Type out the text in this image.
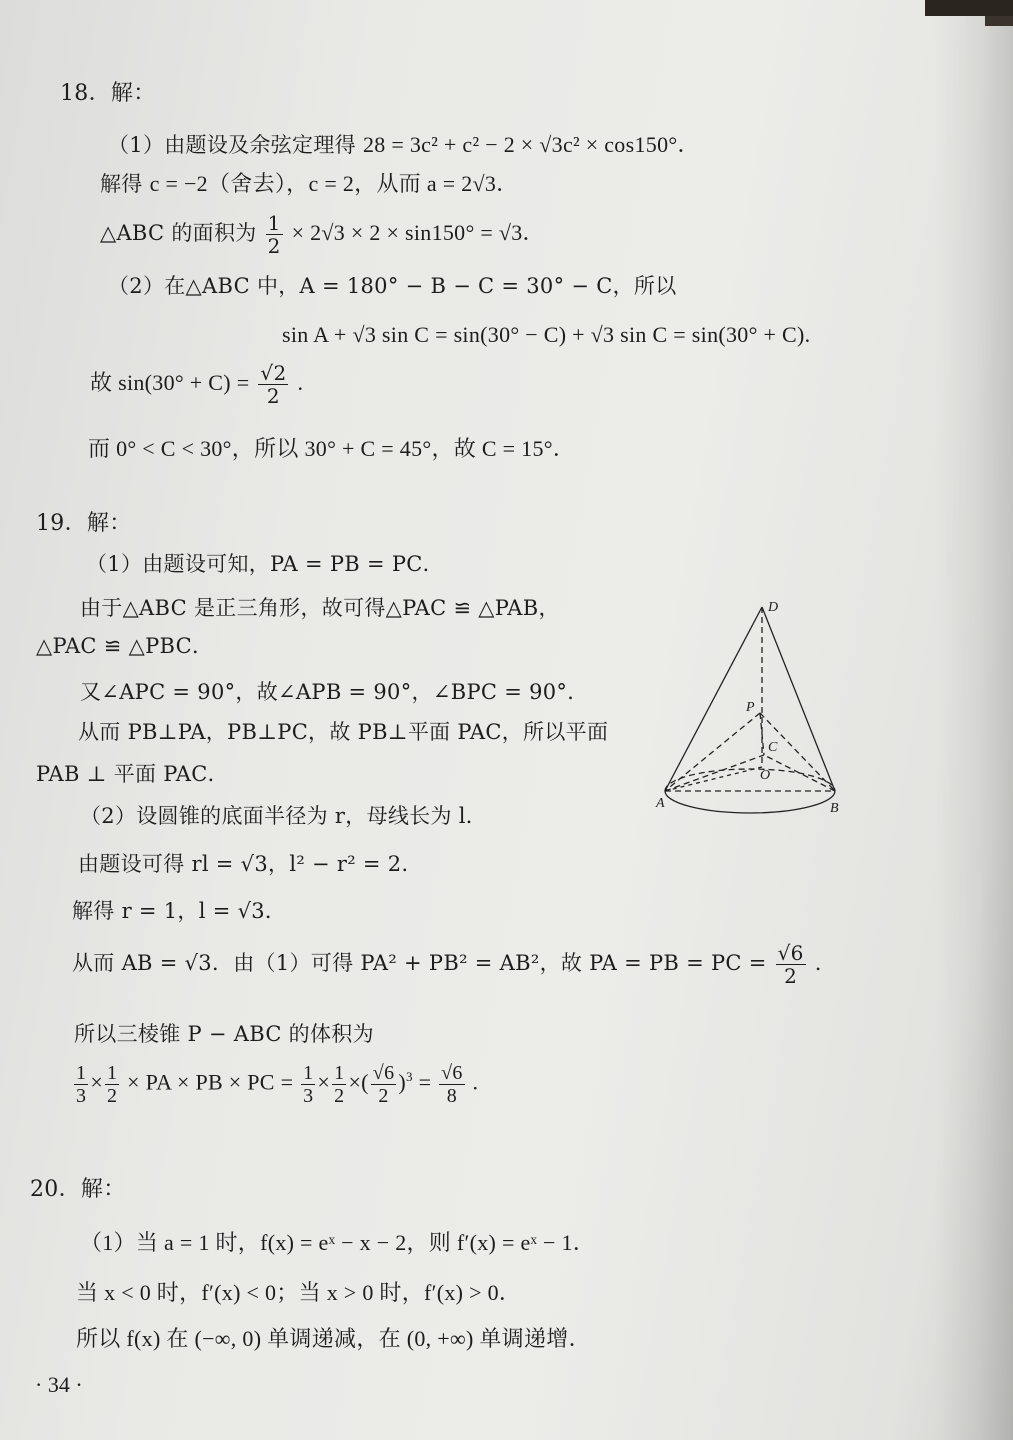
18．解：
（1）由题设及余弦定理得 28 = 3c² + c² − 2 × √3c² × cos150°．
解得 c = −2（舍去），c = 2，从而 a = 2√3．
△ABC 的面积为 $\frac{1}{2} \times 2√3 \times 2 \times \sin 150^\circ = √3$．
（2）在△ABC 中，A = 180° − B − C = 30° − C，所以
sin A + √3 sin C = sin(30° − C) + √3 sin C = sin(30° + C).
故 $\sin(30^\circ + C) = \frac{√2}{2}$ .
而 0° < C < 30°，所以 30° + C = 45°，故 C = 15°．
19．解：
（1）由题设可知，PA = PB = PC．
由于△ABC 是正三角形，故可得△PAC ≌ △PAB，
△PAC ≌ △PBC．
又∠APC = 90°，故∠APB = 90°，∠BPC = 90°．
从而 PB⊥PA，PB⊥PC，故 PB⊥平面 PAC，所以平面
PAB ⊥ 平面 PAC．
（2）设圆锥的底面半径为 r，母线长为 l．
由题设可得 rl = √3，l² − r² = 2．
解得 r = 1，l = √3．
从而 AB = √3．由（1）可得 PA² + PB² = AB²，故 PA = PB = PC = $\frac{√6}{2}$ .
所以三棱锥 P − ABC 的体积为
$\frac{1}{3} \times \frac{1}{2}$ × PA × PB × PC = $\frac{1}{3} \times \frac{1}{2}$ ×( $\frac{√6}{2} )^3 = \frac{√6}{8}$ .
D
P
C
O
A	B
20．解：
（1）当 a = 1 时，f(x) = eˣ − x − 2，则 f′(x) = eˣ − 1．
当 x < 0 时，f′(x) < 0；当 x > 0 时，f′(x) > 0．
所以 f(x) 在 (−∞, 0) 单调递减，在 (0, +∞) 单调递增．
· 34 ·
